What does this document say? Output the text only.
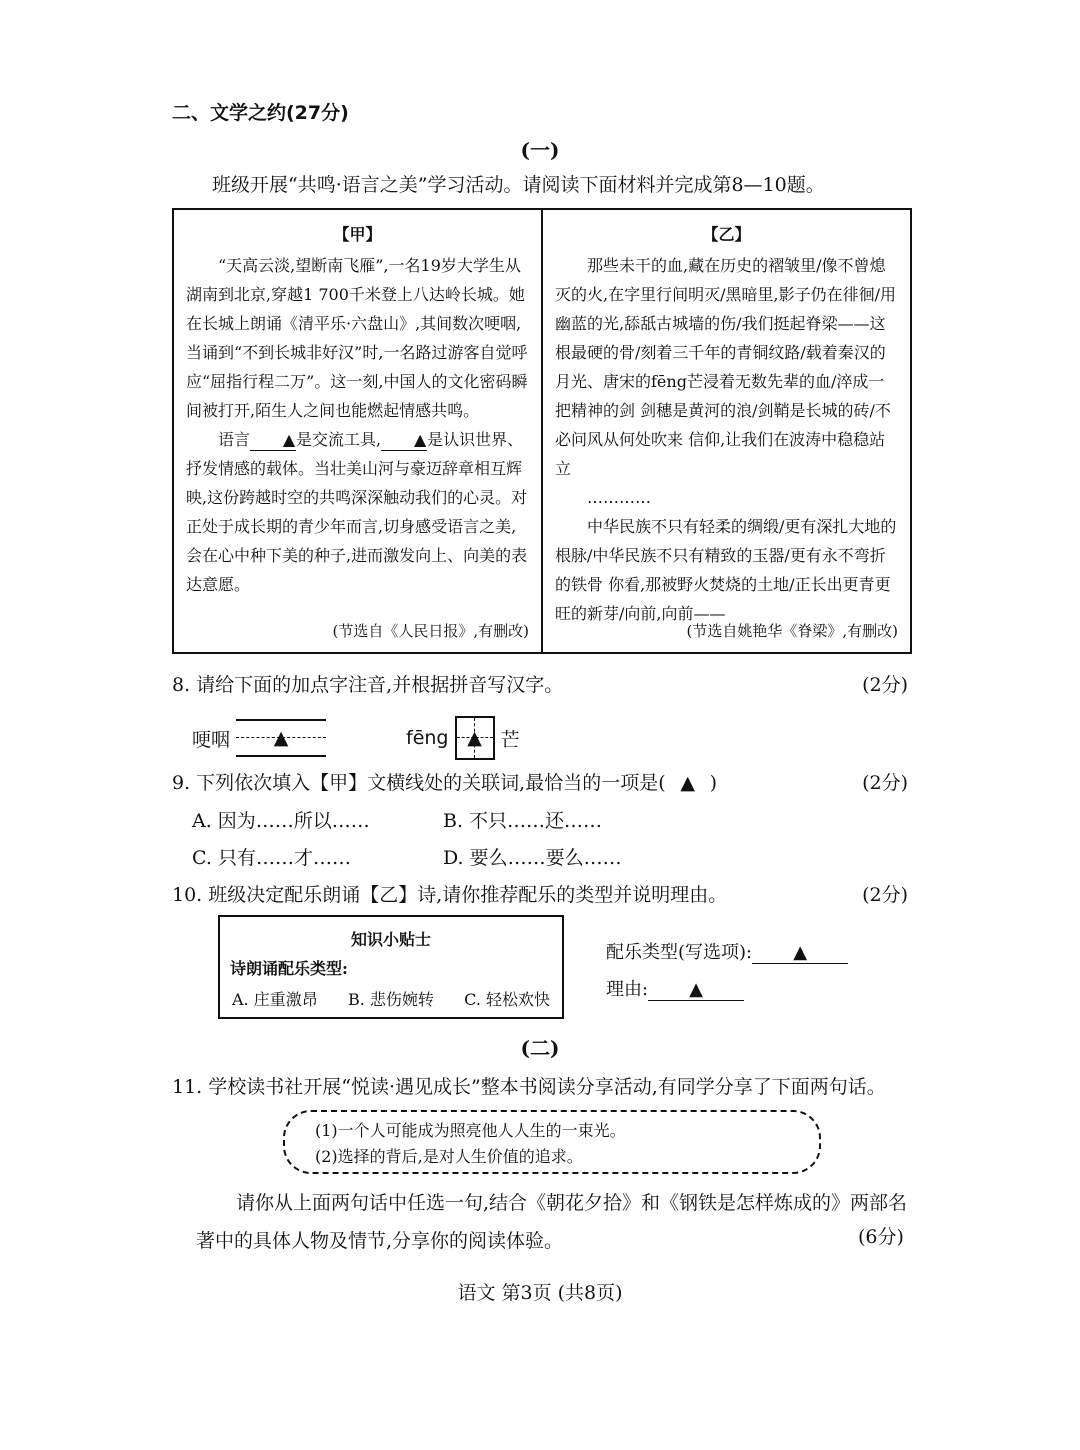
二、文学之约(27分)
(一)
班级开展“共鸣·语言之美”学习活动。请阅读下面材料并完成第8—10题。
【甲】

“天高云淡,望断南飞雁”,一名19岁大学生从湖南到北京,穿越1 700千米登上八达岭长城。她在长城上朗诵《清平乐·六盘山》,其间数次哽咽,当诵到“不到长城非好汉”时,一名路过游客自觉呼应“屈指行程二万”。这一刻,中国人的文化密码瞬间被打开,陌生人之间也能燃起情感共鸣。

语言 ▲是交流工具, ▲是认识世界、抒发情感的载体。当壮美山河与豪迈辞章相互辉映,这份跨越时空的共鸣深深触动我们的心灵。对正处于成长期的青少年而言,切身感受语言之美,会在心中种下美的种子,进而激发向上、向美的表达意愿。

(节选自《人民日报》,有删改)
【乙】

那些未干的血,藏在历史的褶皱里/像不曾熄灭的火,在字里行间明灭/黑暗里,影子仍在徘徊/用幽蓝的光,舔舐古城墙的伤/我们挺起脊梁——这根最硬的骨/刻着三千年的青铜纹路/载着秦汉的月光、唐宋的fēng芒浸着无数先辈的血/淬成一把精神的剑 剑穗是黄河的浪/剑鞘是长城的砖/不必问风从何处吹来 信仰,让我们在波涛中稳稳站立

…………

中华民族不只有轻柔的绸缎/更有深扎大地的根脉/中华民族不只有精致的玉器/更有永不弯折的铁骨 你看,那被野火焚烧的土地/正长出更青更旺的新芽/向前,向前——

(节选自姚艳华《脊梁》,有删改)
8. 请给下面的加点字注音,并根据拼音写汉字。	(2分)
哽咽	▲	fēng ▲ 芒
9. 下列依次填入【甲】文横线处的关联词,最恰当的一项是( ▲ )	(2分)
A. 因为……所以……	B. 不只……还……
C. 只有……才……	D. 要么……要么……
10. 班级决定配乐朗诵【乙】诗,请你推荐配乐的类型并说明理由。	(2分)
知识小贴士
诗朗诵配乐类型:
A. 庄重激昂 B. 悲伤婉转 C. 轻松欢快
配乐类型(写选项): ▲
理由: ▲
(二)
11. 学校读书社开展“悦读·遇见成长”整本书阅读分享活动,有同学分享了下面两句话。
(1)一个人可能成为照亮他人人生的一束光。
(2)选择的背后,是对人生价值的追求。
请你从上面两句话中任选一句,结合《朝花夕拾》和《钢铁是怎样炼成的》两部名
著中的具体人物及情节,分享你的阅读体验。	(6分)
语文 第3页 (共8页)
